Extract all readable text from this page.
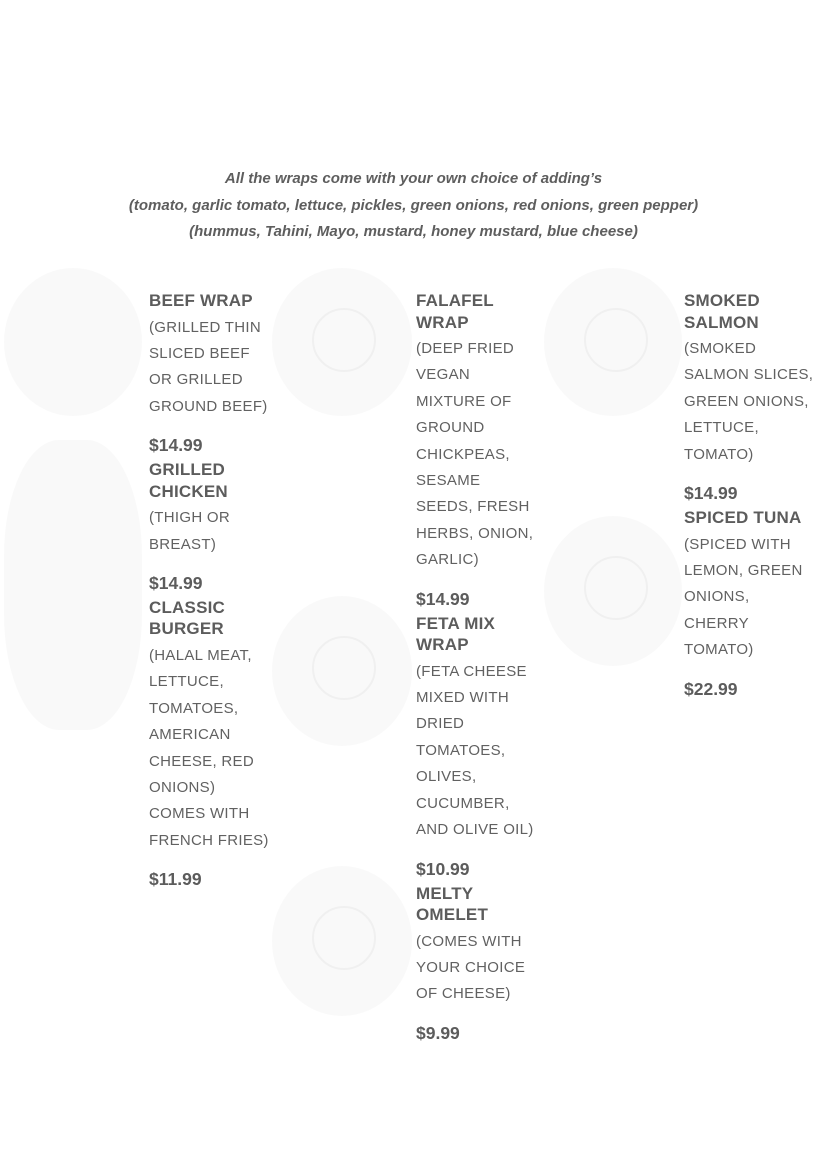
All the wraps come with your own choice of adding’s
(tomato, garlic tomato, lettuce, pickles, green onions, red onions, green pepper)
(hummus, Tahini, Mayo, mustard, honey mustard, blue cheese)
BEEF WRAP
(GRILLED THIN SLICED BEEF OR GRILLED GROUND BEEF)
$14.99
GRILLED CHICKEN
(THIGH OR BREAST)
$14.99
CLASSIC BURGER
(HALAL MEAT, LETTUCE, TOMATOES, AMERICAN CHEESE, RED ONIONS) COMES WITH FRENCH FRIES)
$11.99
FALAFEL WRAP
(DEEP FRIED VEGAN MIXTURE OF GROUND CHICKPEAS, SESAME SEEDS, FRESH HERBS, ONION, GARLIC)
$14.99
FETA MIX WRAP
(FETA CHEESE MIXED WITH DRIED TOMATOES, OLIVES, CUCUMBER, AND OLIVE OIL)
$10.99
MELTY OMELET
(COMES WITH YOUR CHOICE OF CHEESE)
$9.99
SMOKED SALMON
(SMOKED SALMON SLICES, GREEN ONIONS, LETTUCE, TOMATO)
$14.99
SPICED TUNA
(SPICED WITH LEMON, GREEN ONIONS, CHERRY TOMATO)
$22.99
